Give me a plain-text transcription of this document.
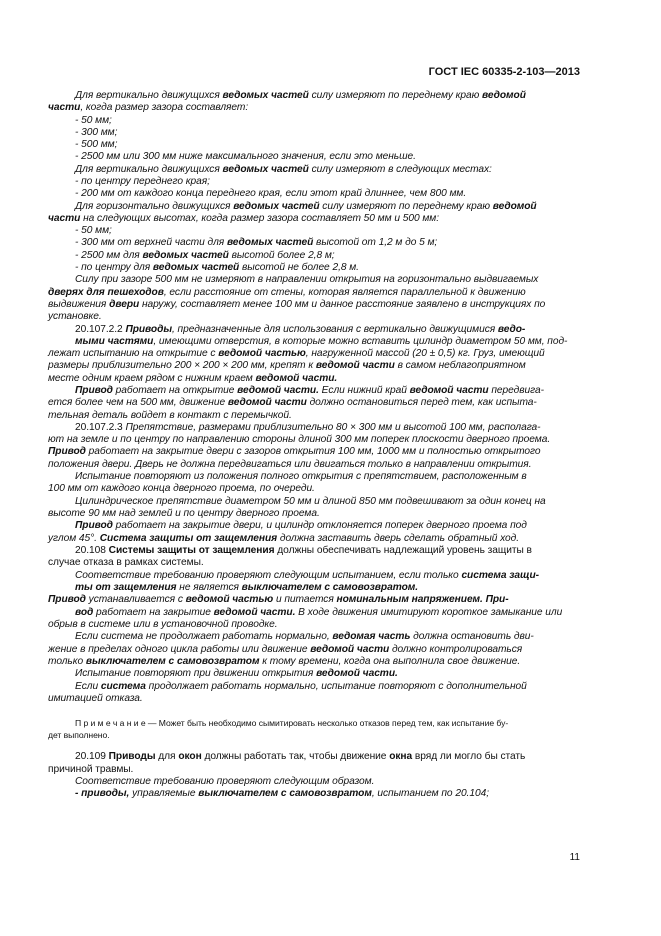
ГОСТ IEC 60335-2-103—2013
Для вертикально движущихся ведомых частей силу измеряют по переднему краю ведомой
части, когда размер зазора составляет:
- 50 мм;
- 300 мм;
- 500 мм;
- 2500 мм или 300 мм ниже максимального значения, если это меньше.
Для вертикально движущихся ведомых частей силу измеряют в следующих местах:
- по центру переднего края;
- 200 мм от каждого конца переднего края, если этот край длиннее, чем 800 мм.
Для горизонтально движущихся ведомых частей силу измеряют по переднему краю ведомой
части на следующих высотах, когда размер зазора составляет 50 мм и 500 мм:
- 50 мм;
- 300 мм от верхней части для ведомых частей высотой от 1,2 м до 5 м;
- 2500 мм для ведомых частей высотой более 2,8 м;
- по центру для ведомых частей высотой не более 2,8 м.
Силу при зазоре 500 мм не измеряют в направлении открытия на горизонтально выдвигаемых
дверях для пешеходов, если расстояние от стены, которая является параллельной к движению
выдвижения двери наружу, составляет менее 100 мм и данное расстояние заявлено в инструкциях по
установке.
20.107.2.2 Приводы, предназначенные для использования с вертикально движущимися ведо-
мыми частями, имеющими отверстия, в которые можно вставить цилиндр диаметром 50 мм, под-
лежат испытанию на открытие с ведомой частью, нагруженной массой (20 ± 0,5) кг. Груз, имеющий
размеры приблизительно 200 × 200 × 200 мм, крепят к ведомой части в самом неблагоприятном
месте одним краем рядом с нижним краем ведомой части.
Привод работает на открытие ведомой части. Если нижний край ведомой части передвига-
ется более чем на 500 мм, движение ведомой части должно остановиться перед тем, как испыта-
тельная деталь войдет в контакт с перемычкой.
20.107.2.3 Препятствие, размерами приблизительно 80 × 300 мм и высотой 100 мм, располага-
ют на земле и по центру по направлению стороны длиной 300 мм поперек плоскости дверного проема.
Привод работает на закрытие двери с зазоров открытия 100 мм, 1000 мм и полностью открытого
положения двери. Дверь не должна передвигаться или двигаться только в направлении открытия.
Испытание повторяют из положения полного открытия с препятствием, расположенным в
100 мм от каждого конца дверного проема, по очереди.
Цилиндрическое препятствие диаметром 50 мм и длиной 850 мм подвешивают за один конец на
высоте 90 мм над землей и по центру дверного проема.
Привод работает на закрытие двери, и цилиндр отклоняется поперек дверного проема под
углом 45°. Система защиты от защемления должна заставить дверь сделать обратный ход.
20.108 Системы защиты от защемления должны обеспечивать надлежащий уровень защиты в
случае отказа в рамках системы.
Соответствие требованию проверяют следующим испытанием, если только система защи-
ты от защемления не является выключателем с самовозвратом.
Привод устанавливается с ведомой частью и питается номинальным напряжением. При-
вод работает на закрытие ведомой части. В ходе движения имитируют короткое замыкание или
обрыв в системе или в установочной проводке.
Если система не продолжает работать нормально, ведомая часть должна остановить дви-
жение в пределах одного цикла работы или движение ведомой части должно контролироваться
только выключателем с самовозвратом к тому времени, когда она выполнила свое движение.
Испытание повторяют при движении открытия ведомой части.
Если система продолжает работать нормально, испытание повторяют с дополнительной
имитацией отказа.
П р и м е ч а н и е — Может быть необходимо сымитировать несколько отказов перед тем, как испытание бу-
дет выполнено.
20.109 Приводы для окон должны работать так, чтобы движение окна вряд ли могло бы стать
причиной травмы.
Соответствие требованию проверяют следующим образом.
- приводы, управляемые выключателем с самовозвратом, испытанием по 20.104;
11
